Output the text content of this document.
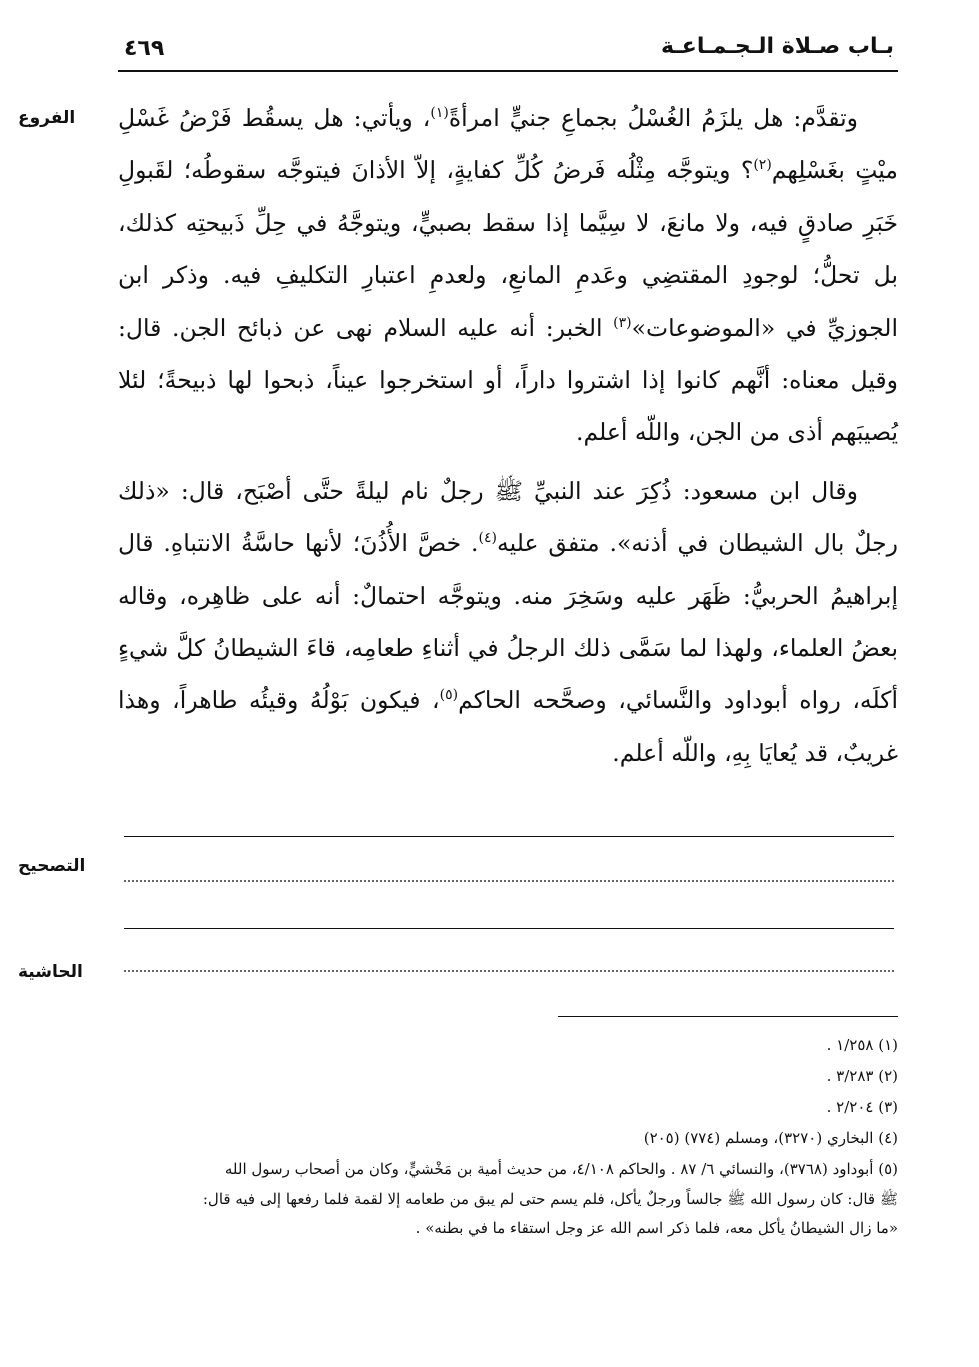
٤٦٩	بـاب صـلاة الـجـمـاعـة
الفروع	وتقدَّم: هل يلزَمُ الغُسْلُ بجماعِ جنيٍّ امرأةً$^{(١)}$، ويأتي: هل يسقُط فَرْضُ غَسْلِ ميْتٍ بغَسْلِهم$^{(٢)}$؟ ويتوجَّه مِثْلُه فَرضُ كُلِّ كفايةٍ، إلاّ الأذانَ فيتوجَّه سقوطُه؛ لقَبولِ خَبَرِ صادقٍ فيه، ولا مانعَ، لا سِيَّما إذا سقط بصبيٍّ، ويتوجَّهُ في حِلِّ ذَبيحتِه كذلك، بل تحلُّ؛ لوجودِ المقتضِي وعَدمِ المانعِ، ولعدمِ اعتبارِ التكليفِ فيه. وذكر ابن الجوزيِّ في «الموضوعات»$^{(٣)}$ الخبر: أنه عليه السلام نهى عن ذبائح الجن. قال: وقيل معناه: أنَّهم كانوا إذا اشتروا داراً، أو استخرجوا عيناً، ذبحوا لها ذبيحةً؛ لئلا يُصيبَهم أذى من الجن، واللّه أعلم.

وقال ابن مسعود: ذُكِرَ عند النبيِّ ﷺ رجلٌ نام ليلةً حتَّى أصْبَح، قال: «ذلك رجلٌ بال الشيطان في أذنه». متفق عليه$^{(٤)}$. خصَّ الأُذُنَ؛ لأنها حاسَّةُ الانتباهِ. قال إبراهيمُ الحربيُّ: ظَهَر عليه وسَخِرَ منه. ويتوجَّه احتمالٌ: أنه على ظاهِره، وقاله بعضُ العلماء، ولهذا لما سَمَّى ذلك الرجلُ في أثناءِ طعامِه، قاءَ الشيطانُ كلَّ شيءٍ أكلَه، رواه أبوداود والنَّسائي، وصحَّحه الحاكم$^{(٥)}$، فيكون بَوْلُهُ وقيئُه طاهراً، وهذا غريبٌ، قد يُعايَا بِهِ، واللّه أعلم.

التصحيح
الحاشية

(١) ١/٢٥٨ .

(٢) ٣/٢٨٣ .

(٣) ٢/٢٠٤ .

(٤) البخاري (٣٢٧٠)، ومسلم (٧٧٤) (٢٠٥)

(٥) أبوداود (٣٧٦٨)، والنسائي ٦/ ٨٧ . والحاكم ٤/١٠٨، من حديث أمية بن مَخْشيٍّ، وكان من أصحاب رسول الله

ﷺ قال: كان رسول الله ﷺ جالساً ورجلٌ يأكل، فلم يسم حتى لم يبق من طعامه إلا لقمة فلما رفعها إلى فيه قال:

«ما زال الشيطانُ يأكل معه، فلما ذكر اسم الله عز وجل استقاء ما في بطنه» .
